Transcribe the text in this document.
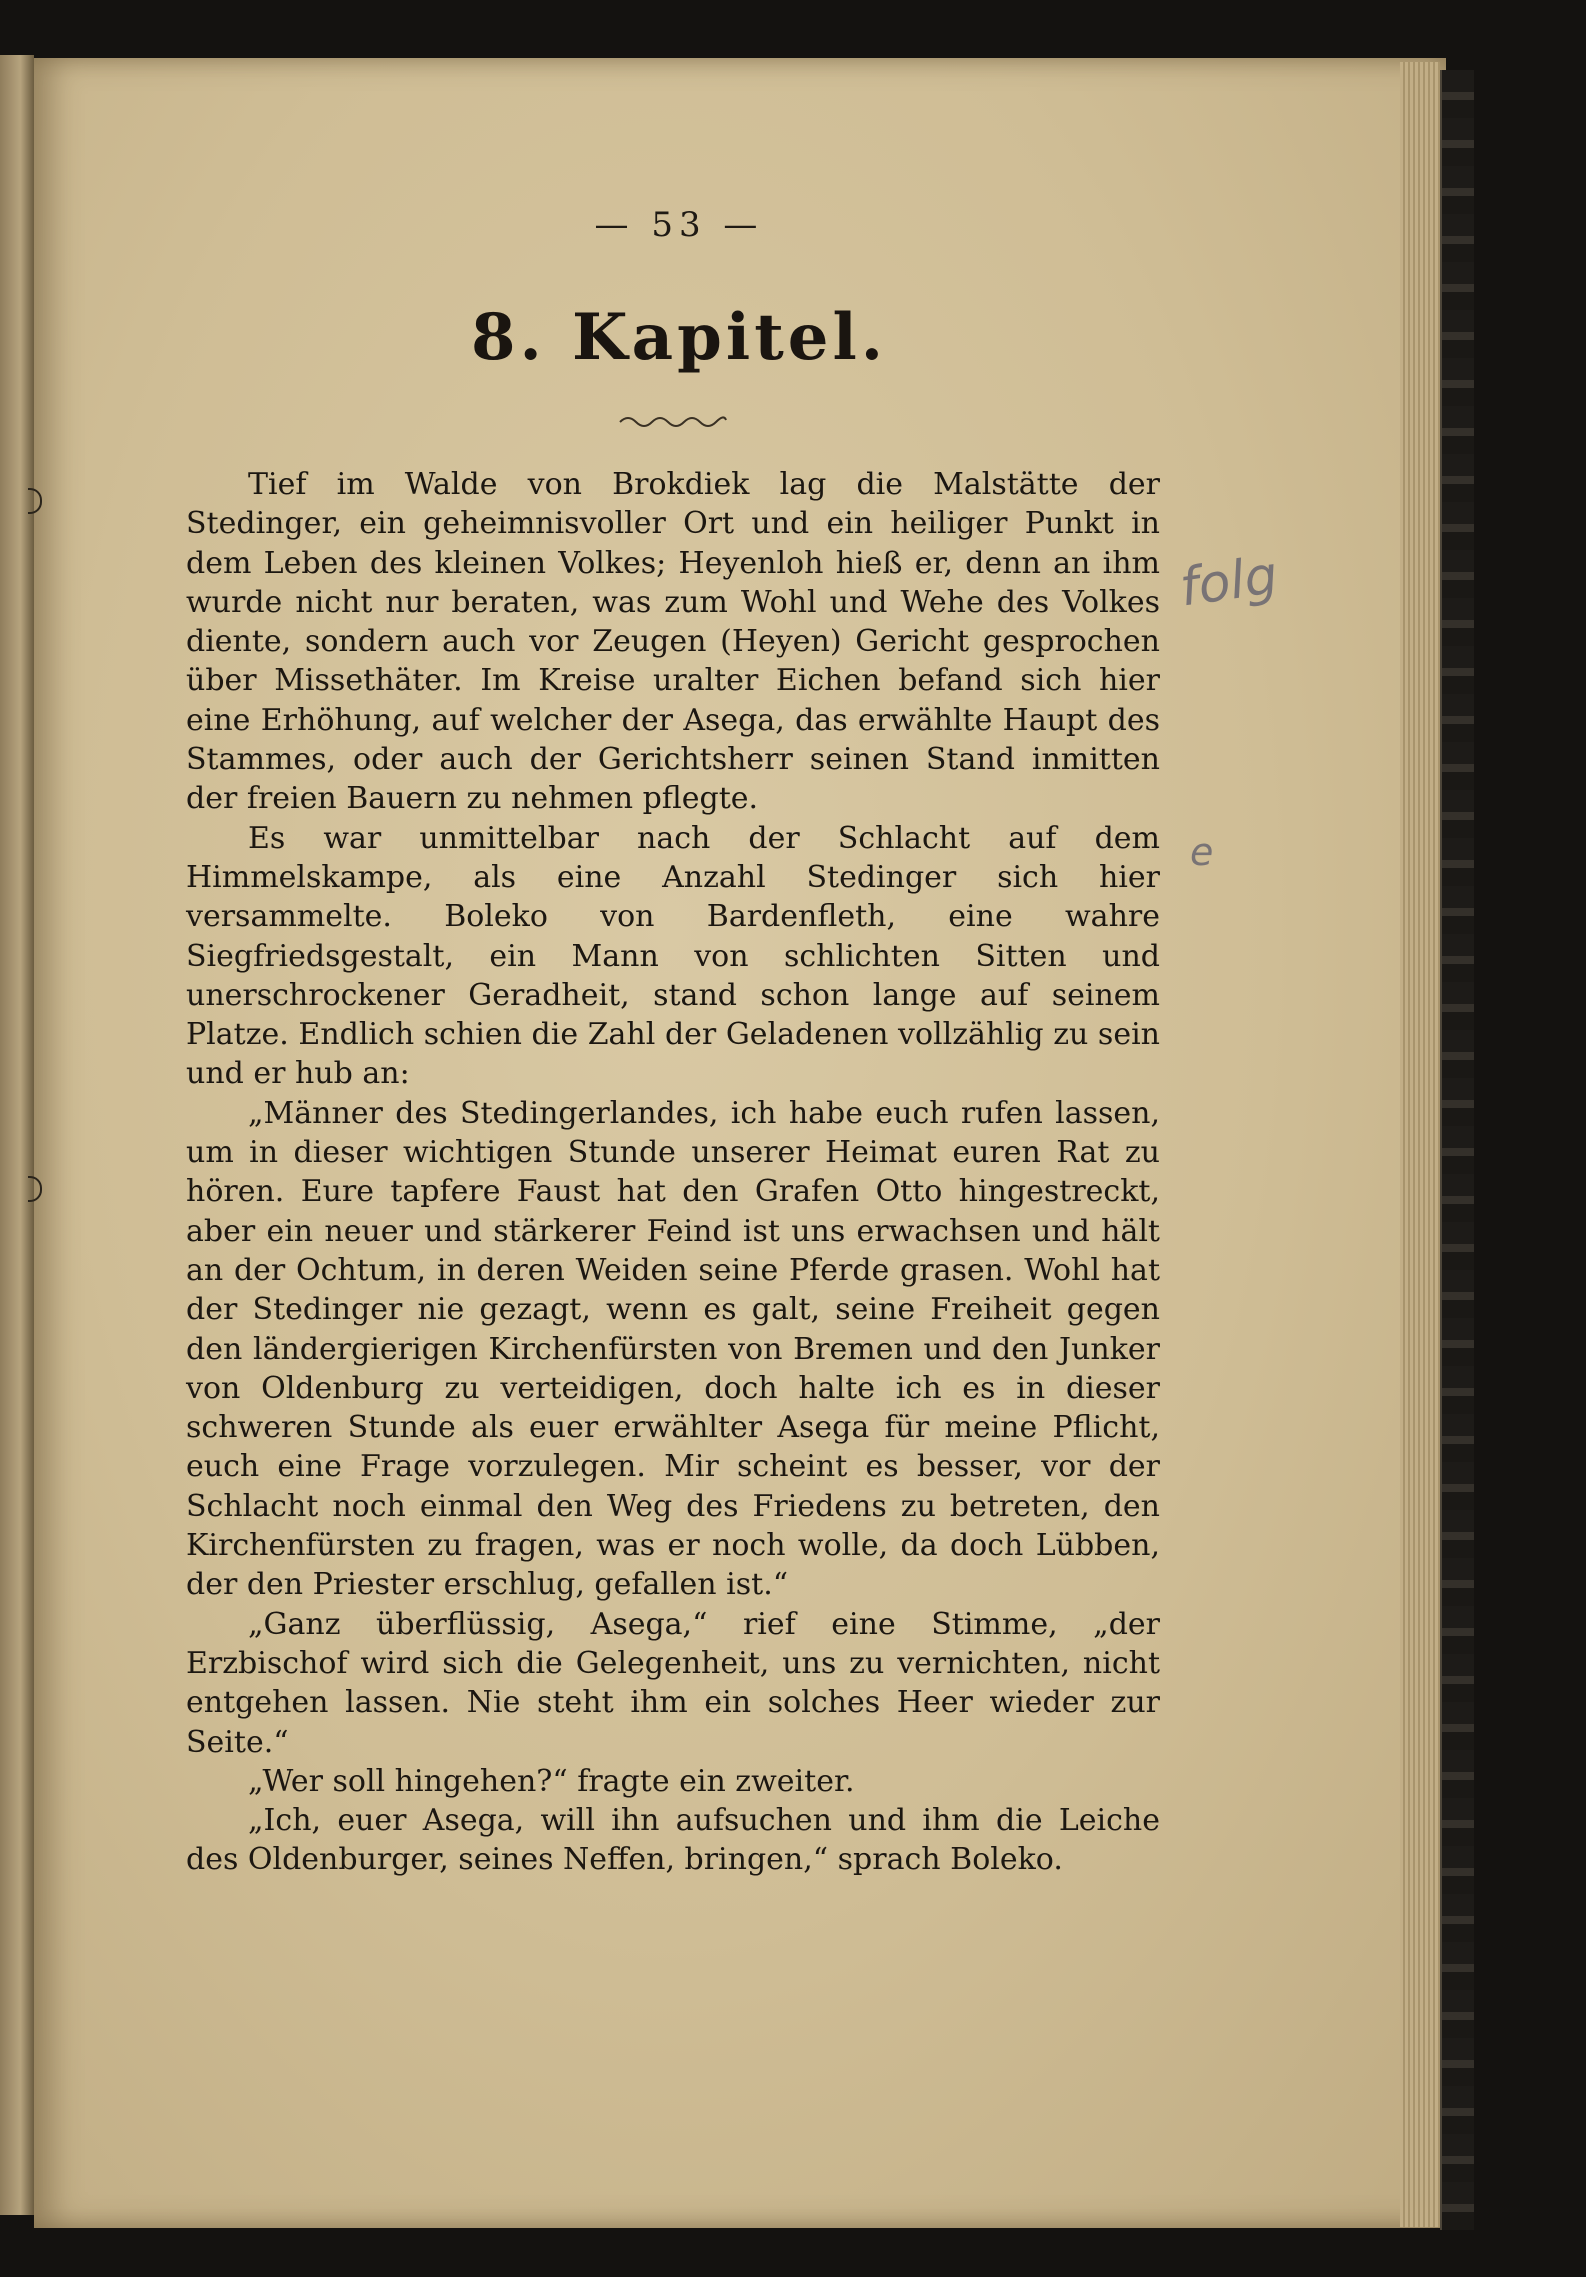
— 53 —
8. Kapitel.

Tief im Walde von Brokdiek lag die Malstätte der Stedinger, ein geheimnisvoller Ort und ein heiliger Punkt in dem Leben des kleinen Volkes; Heyenloh hieß er, denn an ihm wurde nicht nur beraten, was zum Wohl und Wehe des Volkes diente, sondern auch vor Zeugen (Heyen) Gericht gesprochen über Missethäter. Im Kreise uralter Eichen befand sich hier eine Erhöhung, auf welcher der Asega, das erwählte Haupt des Stammes, oder auch der Gerichtsherr seinen Stand inmitten der freien Bauern zu nehmen pflegte.

Es war unmittelbar nach der Schlacht auf dem Himmelskampe, als eine Anzahl Stedinger sich hier versammelte. Boleko von Bardenfleth, eine wahre Siegfriedsgestalt, ein Mann von schlichten Sitten und unerschrockener Geradheit, stand schon lange auf seinem Platze. Endlich schien die Zahl der Geladenen vollzählig zu sein und er hub an:

„Männer des Stedingerlandes, ich habe euch rufen lassen, um in dieser wichtigen Stunde unserer Heimat euren Rat zu hören. Eure tapfere Faust hat den Grafen Otto hingestreckt, aber ein neuer und stärkerer Feind ist uns erwachsen und hält an der Ochtum, in deren Weiden seine Pferde grasen. Wohl hat der Stedinger nie gezagt, wenn es galt, seine Freiheit gegen den ländergierigen Kirchenfürsten von Bremen und den Junker von Oldenburg zu verteidigen, doch halte ich es in dieser schweren Stunde als euer erwählter Asega für meine Pflicht, euch eine Frage vorzulegen. Mir scheint es besser, vor der Schlacht noch einmal den Weg des Friedens zu betreten, den Kirchenfürsten zu fragen, was er noch wolle, da doch Lübben, der den Priester erschlug, gefallen ist.“

„Ganz überflüssig, Asega,“ rief eine Stimme, „der Erzbischof wird sich die Gelegenheit, uns zu vernichten, nicht entgehen lassen. Nie steht ihm ein solches Heer wieder zur Seite.“

„Wer soll hingehen?“ fragte ein zweiter.

„Ich, euer Asega, will ihn aufsuchen und ihm die Leiche des Oldenburger, seines Neffen, bringen,“ sprach Boleko.

folg
e
